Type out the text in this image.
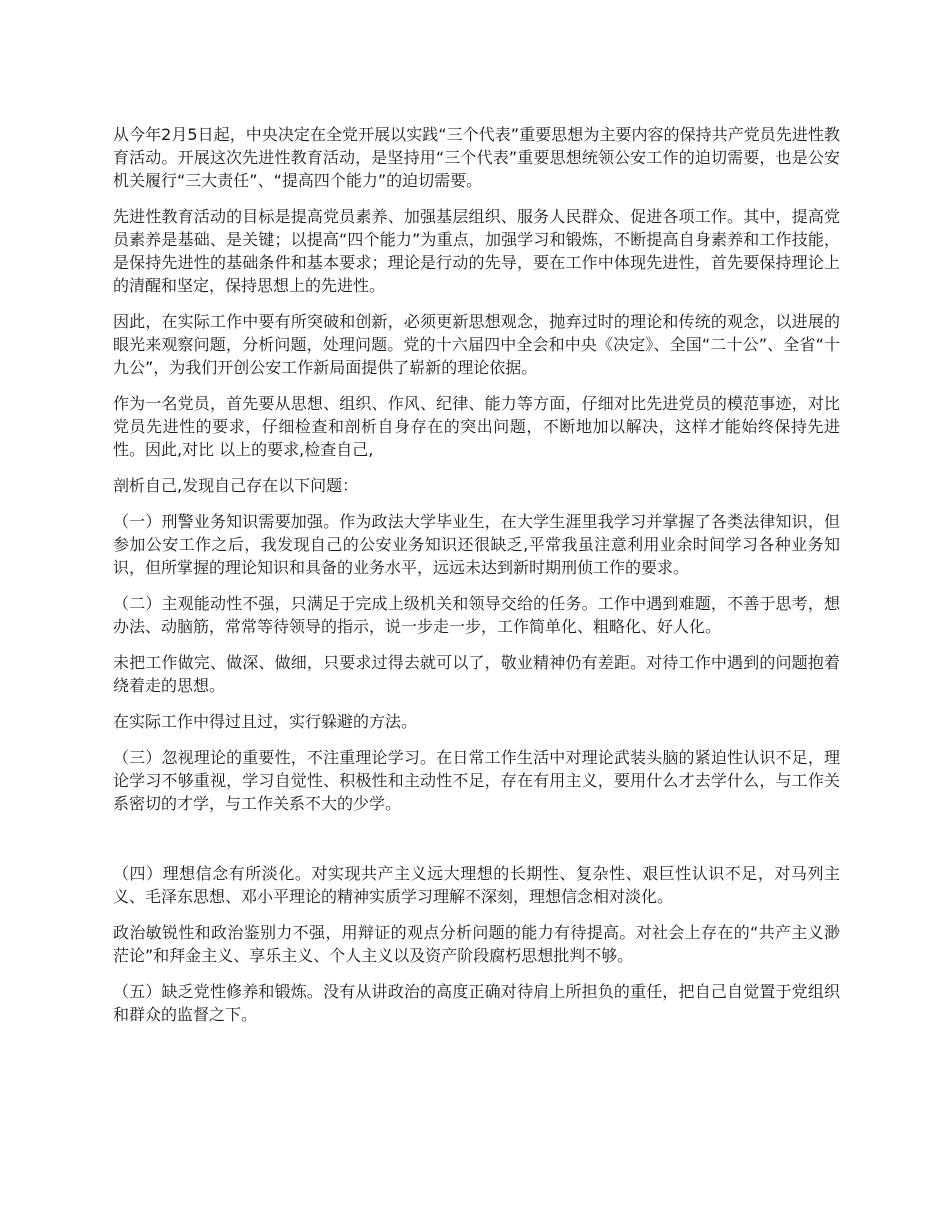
从今年2月5日起，中央决定在全党开展以实践“三个代表”重要思想为主要内容的保持共产党员先进性教育活动。开展这次先进性教育活动，是坚持用“三个代表”重要思想统领公安工作的迫切需要，也是公安机关履行“三大责任”、“提高四个能力”的迫切需要。

先进性教育活动的目标是提高党员素养、加强基层组织、服务人民群众、促进各项工作。其中，提高党员素养是基础、是关键；以提高“四个能力”为重点，加强学习和锻炼，不断提高自身素养和工作技能，是保持先进性的基础条件和基本要求；理论是行动的先导，要在工作中体现先进性，首先要保持理论上的清醒和坚定，保持思想上的先进性。

因此，在实际工作中要有所突破和创新，必须更新思想观念，抛弃过时的理论和传统的观念，以进展的眼光来观察问题，分析问题，处理问题。党的十六届四中全会和中央《决定》、全国“二十公”、全省“十九公”，为我们开创公安工作新局面提供了崭新的理论依据。

作为一名党员，首先要从思想、组织、作风、纪律、能力等方面，仔细对比先进党员的模范事迹，对比党员先进性的要求，仔细检查和剖析自身存在的突出问题，不断地加以解决，这样才能始终保持先进性。因此,对比 以上的要求,检查自己,

剖析自己,发现自己存在以下问题：

（一）刑警业务知识需要加强。作为政法大学毕业生，在大学生涯里我学习并掌握了各类法律知识，但参加公安工作之后，我发现自己的公安业务知识还很缺乏,平常我虽注意利用业余时间学习各种业务知识，但所掌握的理论知识和具备的业务水平，远远未达到新时期刑侦工作的要求。

（二）主观能动性不强，只满足于完成上级机关和领导交给的任务。工作中遇到难题，不善于思考，想办法、动脑筋，常常等待领导的指示，说一步走一步，工作简单化、粗略化、好人化。

未把工作做完、做深、做细，只要求过得去就可以了，敬业精神仍有差距。对待工作中遇到的问题抱着绕着走的思想。

在实际工作中得过且过，实行躲避的方法。

（三）忽视理论的重要性，不注重理论学习。在日常工作生活中对理论武装头脑的紧迫性认识不足，理论学习不够重视，学习自觉性、积极性和主动性不足，存在有用主义，要用什么才去学什么，与工作关系密切的才学，与工作关系不大的少学。

（四）理想信念有所淡化。对实现共产主义远大理想的长期性、复杂性、艰巨性认识不足，对马列主义、毛泽东思想、邓小平理论的精神实质学习理解不深刻，理想信念相对淡化。

政治敏锐性和政治鉴别力不强，用辩证的观点分析问题的能力有待提高。对社会上存在的“共产主义渺茫论”和拜金主义、享乐主义、个人主义以及资产阶段腐朽思想批判不够。

（五）缺乏党性修养和锻炼。没有从讲政治的高度正确对待肩上所担负的重任，把自己自觉置于党组织和群众的监督之下。
